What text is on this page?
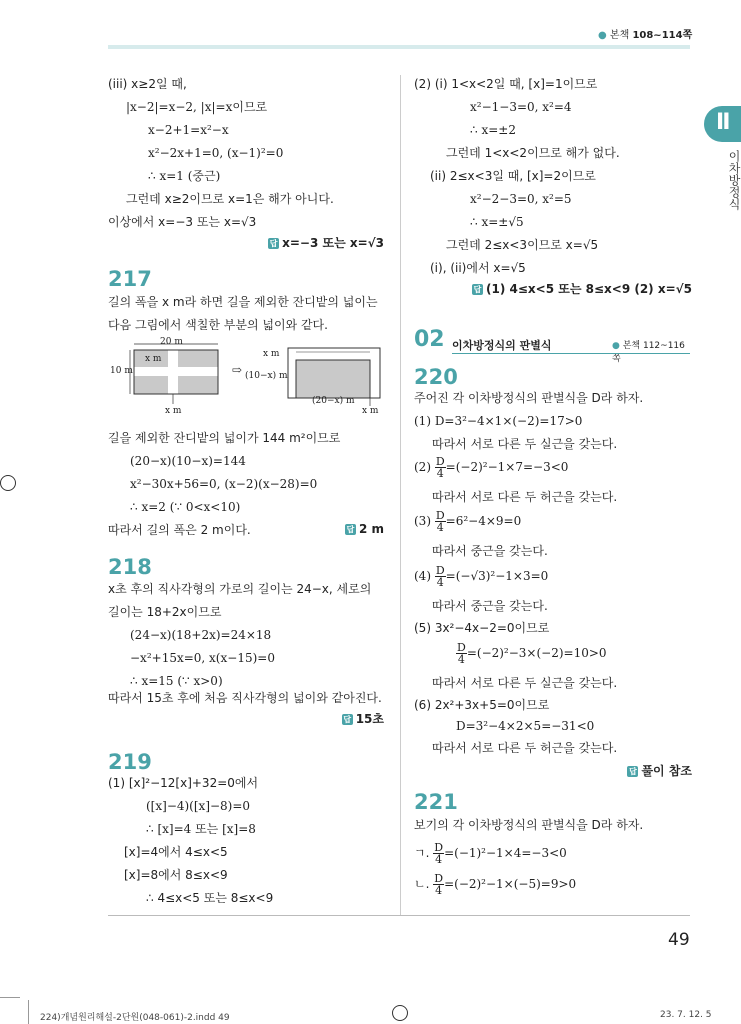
● 본책 108~114쪽
Ⅱ
이차방정식
(iii) x≥2일 때,
|x−2|=x−2, |x|=x이므로
x−2+1=x²−x
x²−2x+1=0, (x−1)²=0
∴ x=1 (중근)
그런데 x≥2이므로 x=1은 해가 아니다.
이상에서 x=−3 또는 x=√3
답 x=−3 또는 x=√3
217
길의 폭을 x m라 하면 길을 제외한 잔디밭의 넓이는
다음 그림에서 색칠한 부분의 넓이와 같다.
⇨
20 m
x m
10 m
x m
x m
(10−x) m
(20−x) m
x m
길을 제외한 잔디밭의 넓이가 144 m²이므로
(20−x)(10−x)=144
x²−30x+56=0, (x−2)(x−28)=0
∴ x=2 (∵ 0<x<10)
따라서 길의 폭은 2 m이다.	답 2 m
218
x초 후의 직사각형의 가로의 길이는 24−x, 세로의
길이는 18+2x이므로
(24−x)(18+2x)=24×18
−x²+15x=0, x(x−15)=0
∴ x=15 (∵ x>0)
따라서 15초 후에 처음 직사각형의 넓이와 같아진다.
답 15초
219
(1) [x]²−12[x]+32=0에서
([x]−4)([x]−8)=0
∴ [x]=4 또는 [x]=8
[x]=4에서 4≤x<5
[x]=8에서 8≤x<9
∴ 4≤x<5 또는 8≤x<9
(2) (i) 1<x<2일 때, [x]=1이므로
x²−1−3=0, x²=4
∴ x=±2
그런데 1<x<2이므로 해가 없다.
(ii) 2≤x<3일 때, [x]=2이므로
x²−2−3=0, x²=5
∴ x=±√5
그런데 2≤x<3이므로 x=√5
(i), (ii)에서 x=√5
답 (1) 4≤x<5 또는 8≤x<9 (2) x=√5
02 이차방정식의 판별식	● 본책 112~116쪽
220
주어진 각 이차방정식의 판별식을 D라 하자.
(1) D=3²−4×1×(−2)=17>0
따라서 서로 다른 두 실근을 갖는다.
$(2) \frac{D}{4} =(-2)^2-1\times 7=-3<0$
따라서 서로 다른 두 허근을 갖는다.
$(3) \frac{D}{4} =6^2-4\times 9=0$
따라서 중근을 갖는다.
$(4) \frac{D}{4} =(-√3)^2-1\times 3=0$
따라서 중근을 갖는다.
(5) 3x²−4x−2=0이므로
$\frac{D}{4} =(-2)^2-3\times(-2)=10>0$
따라서 서로 다른 두 실근을 갖는다.
(6) 2x²+3x+5=0이므로
D=3²−4×2×5=−31<0
따라서 서로 다른 두 허근을 갖는다.
답 풀이 참조
221
보기의 각 이차방정식의 판별식을 D라 하자.
ㄱ. $\frac{D}{4} =(-1)^2-1\times 4=-3<0$
ㄴ. $\frac{D}{4} =(-2)^2-1\times(-5)=9>0$
49
224)개념원리해설-2단원(048-061)-2.indd 49	23. 7. 12. 5
